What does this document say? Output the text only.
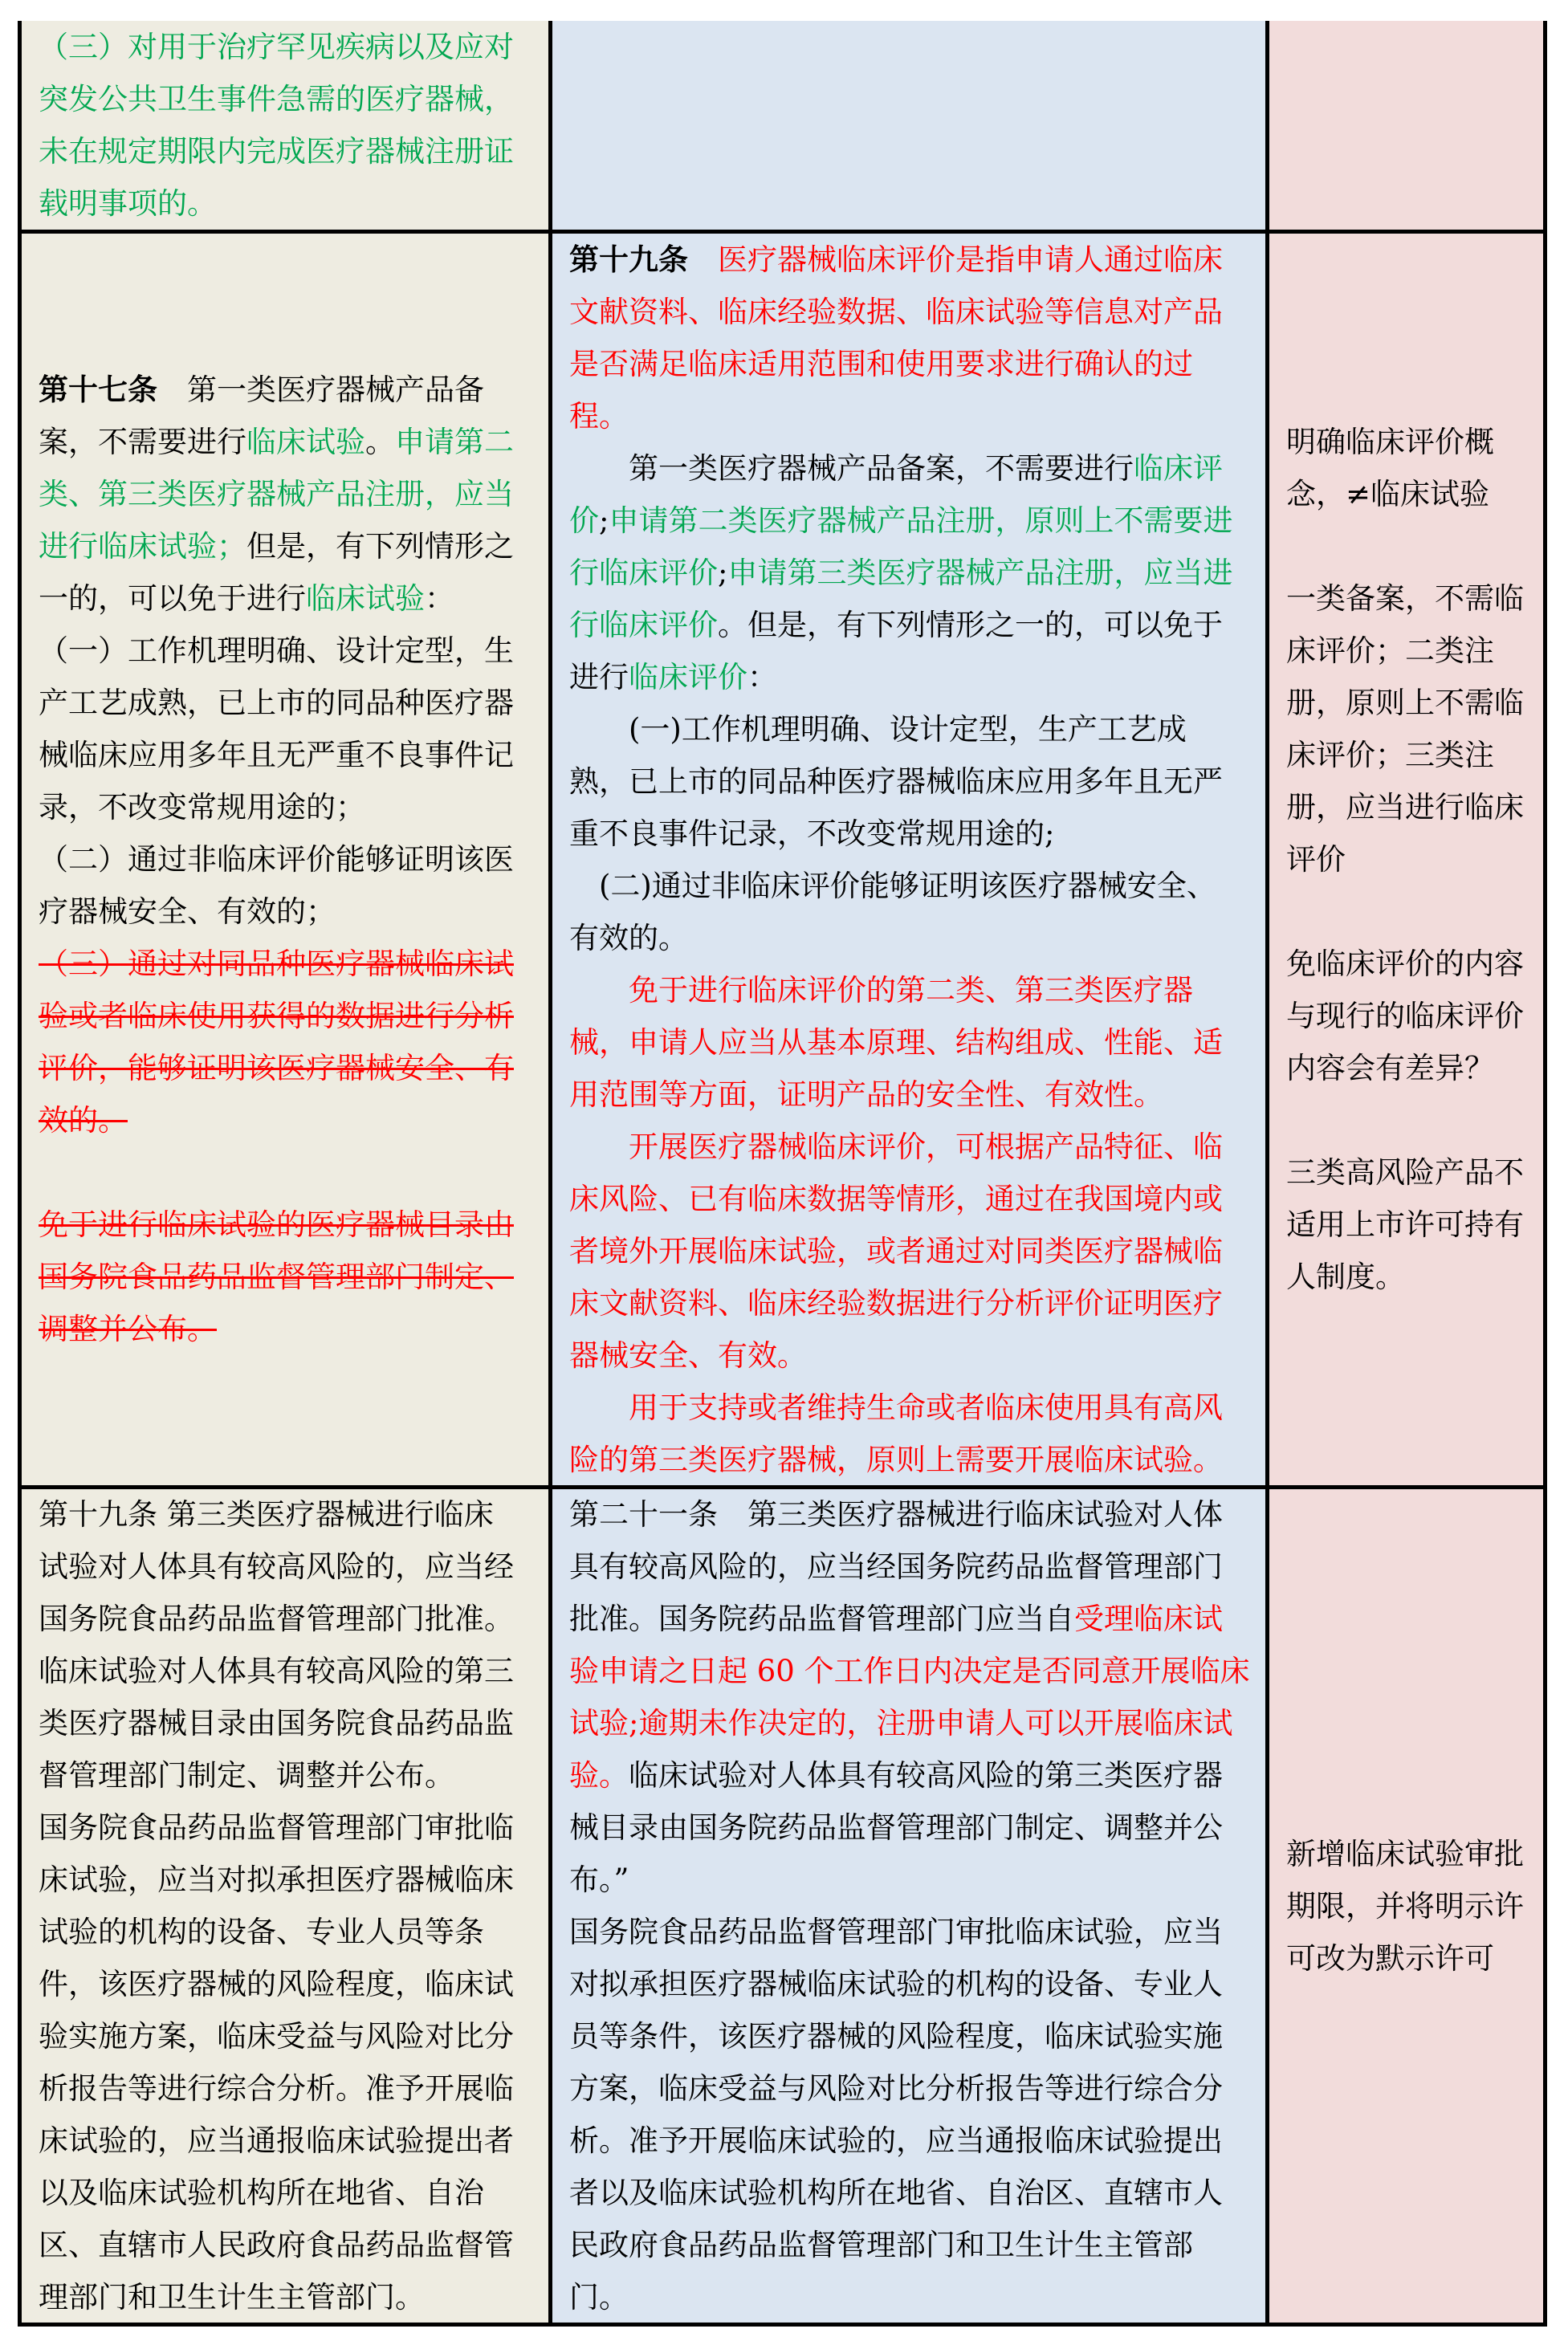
（三）对用于治疗罕见疾病以及应对
突发公共卫生事件急需的医疗器械，
未在规定期限内完成医疗器械注册证
载明事项的。
第十七条　第一类医疗器械产品备
案，不需要进行临床试验。申请第二
类、第三类医疗器械产品注册，应当
进行临床试验；但是，有下列情形之
一的，可以免于进行临床试验：
（一）工作机理明确、设计定型，生
产工艺成熟，已上市的同品种医疗器
械临床应用多年且无严重不良事件记
录，不改变常规用途的；
（二）通过非临床评价能够证明该医
疗器械安全、有效的；
（三）通过对同品种医疗器械临床试
验或者临床使用获得的数据进行分析
评价，能够证明该医疗器械安全、有
效的。
免于进行临床试验的医疗器械目录由
国务院食品药品监督管理部门制定、
调整并公布。
第十九条　 医疗器械临床评价是指申请人通过临床
文献资料、临床经验数据、临床试验等信息对产品
是否满足临床适用范围和使用要求进行确认的过
程。
　　第一类医疗器械产品备案，不需要进行临床评
价;申请第二类医疗器械产品注册，原则上不需要进
行临床评价;申请第三类医疗器械产品注册，应当进
行临床评价。但是，有下列情形之一的，可以免于
进行临床评价：
　　(一)工作机理明确、设计定型，生产工艺成
熟，已上市的同品种医疗器械临床应用多年且无严
重不良事件记录，不改变常规用途的;
　(二)通过非临床评价能够证明该医疗器械安全、
有效的。
　　免于进行临床评价的第二类、第三类医疗器
械，申请人应当从基本原理、结构组成、性能、适
用范围等方面，证明产品的安全性、有效性。
　　开展医疗器械临床评价，可根据产品特征、临
床风险、已有临床数据等情形，通过在我国境内或
者境外开展临床试验，或者通过对同类医疗器械临
床文献资料、临床经验数据进行分析评价证明医疗
器械安全、有效。
　　用于支持或者维持生命或者临床使用具有高风
险的第三类医疗器械，原则上需要开展临床试验。
明确临床评价概
念，≠临床试验
一类备案，不需临
床评价；二类注
册，原则上不需临
床评价；三类注
册，应当进行临床
评价
免临床评价的内容
与现行的临床评价
内容会有差异？
三类高风险产品不
适用上市许可持有
人制度。
第十九条 第三类医疗器械进行临床
试验对人体具有较高风险的，应当经
国务院食品药品监督管理部门批准。
临床试验对人体具有较高风险的第三
类医疗器械目录由国务院食品药品监
督管理部门制定、调整并公布。
国务院食品药品监督管理部门审批临
床试验，应当对拟承担医疗器械临床
试验的机构的设备、专业人员等条
件，该医疗器械的风险程度，临床试
验实施方案，临床受益与风险对比分
析报告等进行综合分析。准予开展临
床试验的，应当通报临床试验提出者
以及临床试验机构所在地省、自治
区、直辖市人民政府食品药品监督管
理部门和卫生计生主管部门。
第二十一条　第三类医疗器械进行临床试验对人体
具有较高风险的，应当经国务院药品监督管理部门
批准。国务院药品监督管理部门应当自受理临床试
验申请之日起 60 个工作日内决定是否同意开展临床
试验;逾期未作决定的，注册申请人可以开展临床试
验。临床试验对人体具有较高风险的第三类医疗器
械目录由国务院药品监督管理部门制定、调整并公
布。”
国务院食品药品监督管理部门审批临床试验，应当
对拟承担医疗器械临床试验的机构的设备、专业人
员等条件，该医疗器械的风险程度，临床试验实施
方案，临床受益与风险对比分析报告等进行综合分
析。准予开展临床试验的，应当通报临床试验提出
者以及临床试验机构所在地省、自治区、直辖市人
民政府食品药品监督管理部门和卫生计生主管部
门。
新增临床试验审批
期限，并将明示许
可改为默示许可
